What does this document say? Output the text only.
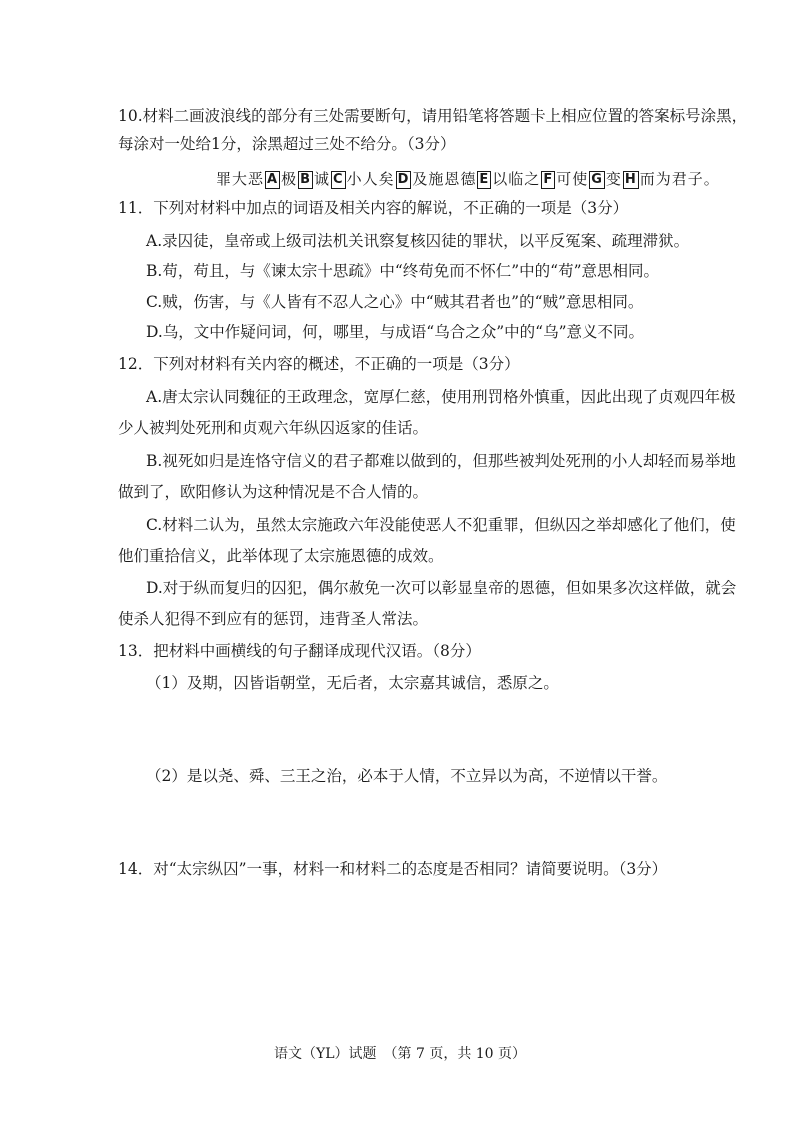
10.材料二画波浪线的部分有三处需要断句，请用铅笔将答题卡上相应位置的答案标号涂黑，
每涂对一处给1分，涂黑超过三处不给分。（3分）
罪大恶 A 极 B 诚 C 小人矣 D 及施恩德 E 以临之 F 可使 G 变 H 而为君子。
11．下列对材料中加点的词语及相关内容的解说，不正确的一项是（3分）
A.录囚徒，皇帝或上级司法机关讯察复核囚徒的罪状，以平反冤案、疏理滞狱。
B.苟，苟且，与《谏太宗十思疏》中“终苟免而不怀仁”中的“苟”意思相同。
C.贼，伤害，与《人皆有不忍人之心》中“贼其君者也”的“贼”意思相同。
D.乌，文中作疑问词，何，哪里，与成语“乌合之众”中的“乌”意义不同。
12．下列对材料有关内容的概述，不正确的一项是（3分）
A.唐太宗认同魏征的王政理念，宽厚仁慈，使用刑罚格外慎重，因此出现了贞观四年极
少人被判处死刑和贞观六年纵囚返家的佳话。
B.视死如归是连恪守信义的君子都难以做到的，但那些被判处死刑的小人却轻而易举地
做到了，欧阳修认为这种情况是不合人情的。
C.材料二认为，虽然太宗施政六年没能使恶人不犯重罪，但纵囚之举却感化了他们，使
他们重拾信义，此举体现了太宗施恩德的成效。
D.对于纵而复归的囚犯，偶尔赦免一次可以彰显皇帝的恩德，但如果多次这样做，就会
使杀人犯得不到应有的惩罚，违背圣人常法。
13．把材料中画横线的句子翻译成现代汉语。（8分）
（1）及期，囚皆诣朝堂，无后者，太宗嘉其诚信，悉原之。
（2）是以尧、舜、三王之治，必本于人情，不立异以为高，不逆情以干誉。
14．对“太宗纵囚”一事，材料一和材料二的态度是否相同？请简要说明。（3分）
语文（YL）试题　（第 7 页，共 10 页）
